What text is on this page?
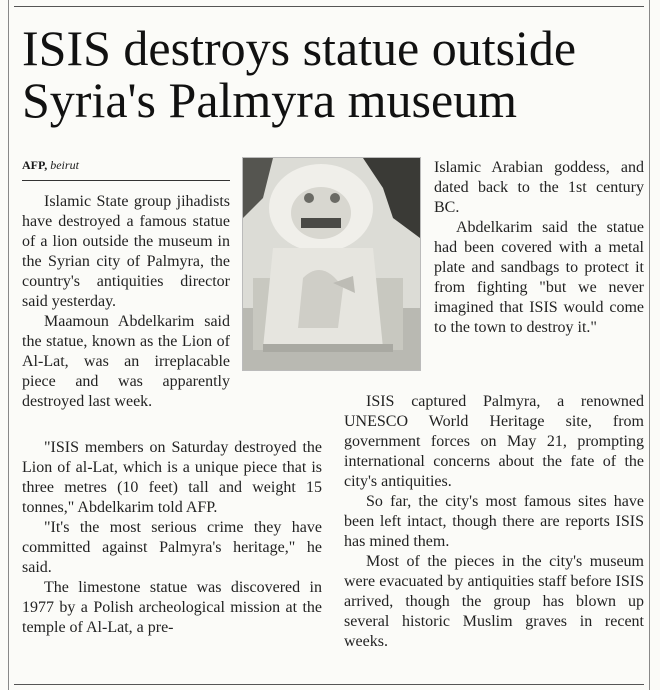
ISIS destroys statue outside Syria's Palmyra museum
AFP, beirut

Islamic State group jihadists have destroyed a famous statue of a lion outside the museum in the Syrian city of Palmyra, the country's antiquities director said yesterday.

Maamoun Abdelkarim said the statue, known as the Lion of Al-Lat, was an irreplacable piece and was apparently destroyed last week.

"ISIS members on Saturday destroyed the Lion of al-Lat, which is a unique piece that is three metres (10 feet) tall and weight 15 tonnes," Abdelkarim told AFP.

"It's the most serious crime they have committed against Palmyra's heritage," he said.

The limestone statue was discovered in 1977 by a Polish archeological mission at the temple of Al-Lat, a pre-

Islamic Arabian goddess, and dated back to the 1st century BC.

Abdelkarim said the statue had been covered with a metal plate and sandbags to protect it from fighting "but we never imagined that ISIS would come to the town to destroy it."

ISIS captured Palmyra, a renowned UNESCO World Heritage site, from government forces on May 21, prompting international concerns about the fate of the city's antiquities.

So far, the city's most famous sites have been left intact, though there are reports ISIS has mined them.

Most of the pieces in the city's museum were evacuated by antiquities staff before ISIS arrived, though the group has blown up several historic Muslim graves in recent weeks.
